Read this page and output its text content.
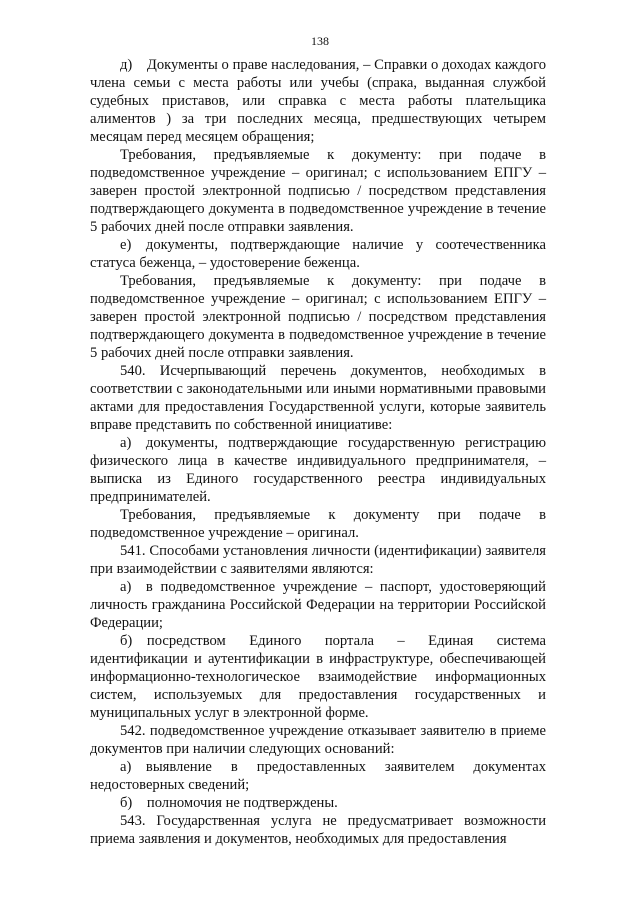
138

д) Документы о праве наследования, – Справки о доходах каждого члена семьи с места работы или учебы (спрака, выданная службой судебных приставов, или справка с места работы плательщика алиментов ) за три последних месяца, предшествующих четырем месяцам перед месяцем обращения;

Требования, предъявляемые к документу: при подаче в подведомственное учреждение – оригинал; с использованием ЕПГУ – заверен простой электронной подписью / посредством представления подтверждающего документа в подведомственное учреждение в течение 5 рабочих дней после отправки заявления.

е) документы, подтверждающие наличие у соотечественника статуса беженца, – удостоверение беженца.

Требования, предъявляемые к документу: при подаче в подведомственное учреждение – оригинал; с использованием ЕПГУ – заверен простой электронной подписью / посредством представления подтверждающего документа в подведомственное учреждение в течение 5 рабочих дней после отправки заявления.

540. Исчерпывающий перечень документов, необходимых в соответствии с законодательными или иными нормативными правовыми актами для предоставления Государственной услуги, которые заявитель вправе представить по собственной инициативе:

а) документы, подтверждающие государственную регистрацию физического лица в качестве индивидуального предпринимателя, – выписка из Единого государственного реестра индивидуальных предпринимателей.

Требования, предъявляемые к документу при подаче в подведомственное учреждение – оригинал.

541. Способами установления личности (идентификации) заявителя при взаимодействии с заявителями являются:

а) в подведомственное учреждение – паспорт, удостоверяющий личность гражданина Российской Федерации на территории Российской Федерации;

б) посредством Единого портала – Единая система идентификации и аутентификации в инфраструктуре, обеспечивающей информационно-технологическое взаимодействие информационных систем, используемых для предоставления государственных и муниципальных услуг в электронной форме.

542. подведомственное учреждение отказывает заявителю в приеме документов при наличии следующих оснований:

а) выявление в предоставленных заявителем документах недостоверных сведений;

б) полномочия не подтверждены.

543. Государственная услуга не предусматривает возможности приема заявления и документов, необходимых для предоставления
